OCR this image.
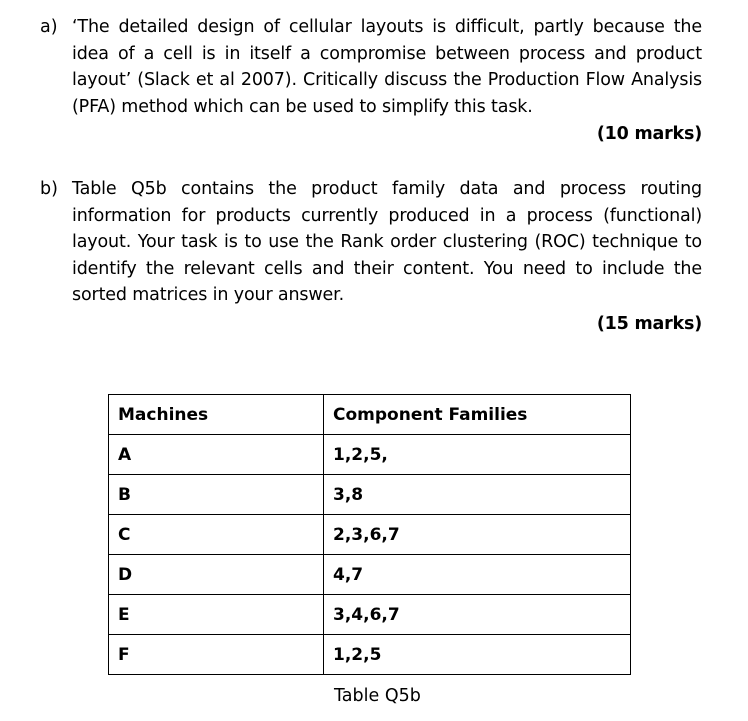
a) ‘The detailed design of cellular layouts is difficult, partly because the idea of a cell is in itself a compromise between process and product layout’ (Slack et al 2007). Critically discuss the Production Flow Analysis (PFA) method which can be used to simplify this task.
(10 marks)
b) Table Q5b contains the product family data and process routing information for products currently produced in a process (functional) layout. Your task is to use the Rank order clustering (ROC) technique to identify the relevant cells and their content. You need to include the sorted matrices in your answer.
(15 marks)
Machines	Component Families
A	1,2,5,
B	3,8
C	2,3,6,7
D	4,7
E	3,4,6,7
F	1,2,5
Table Q5b
